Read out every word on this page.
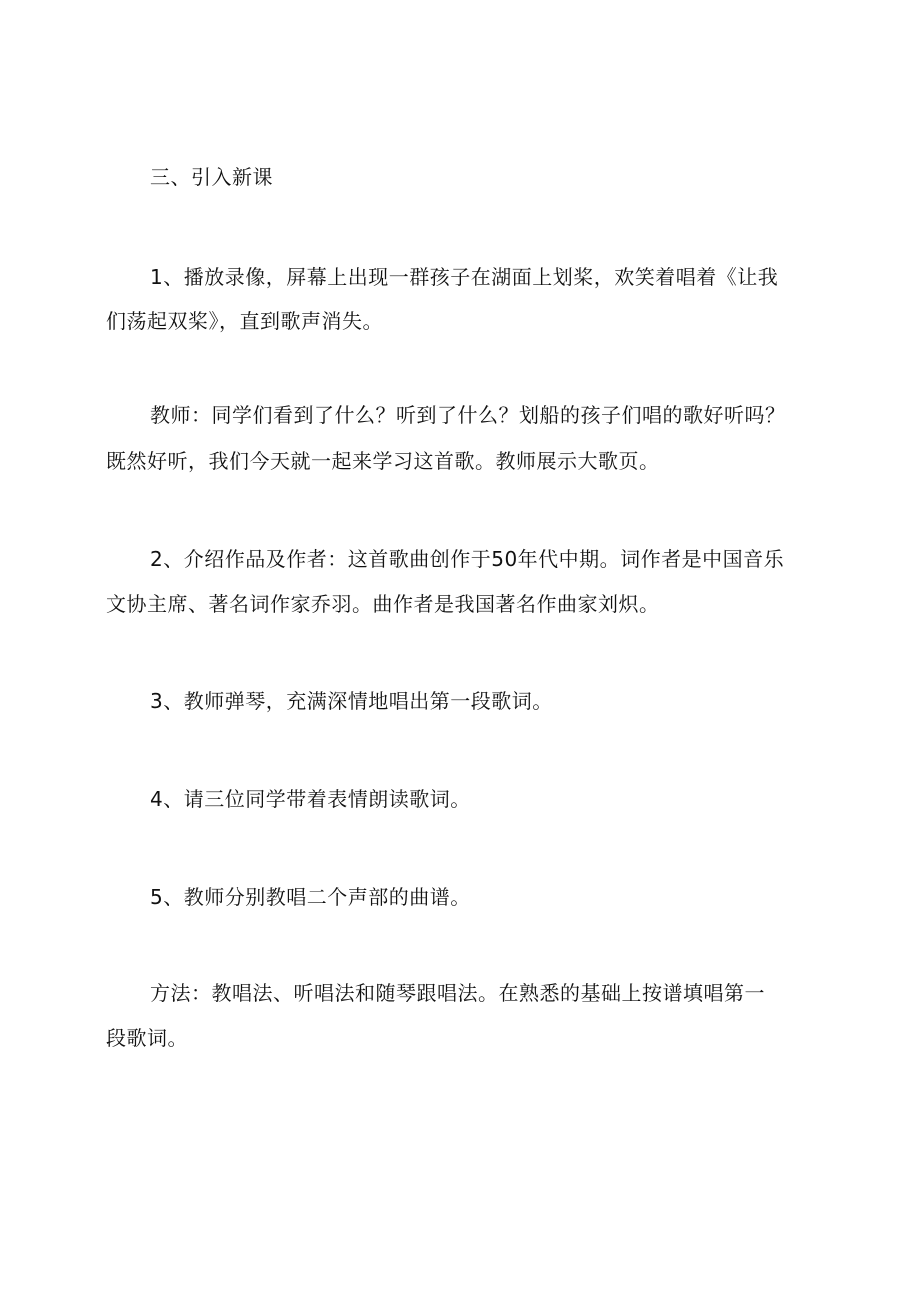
三、引入新课
1、播放录像，屏幕上出现一群孩子在湖面上划桨，欢笑着唱着《让我
们荡起双桨》，直到歌声消失。
教师：同学们看到了什么？听到了什么？划船的孩子们唱的歌好听吗？
既然好听，我们今天就一起来学习这首歌。教师展示大歌页。
2、介绍作品及作者：这首歌曲创作于50年代中期。词作者是中国音乐
文协主席、著名词作家乔羽。曲作者是我国著名作曲家刘炽。
3、教师弹琴，充满深情地唱出第一段歌词。
4、请三位同学带着表情朗读歌词。
5、教师分别教唱二个声部的曲谱。
方法：教唱法、听唱法和随琴跟唱法。在熟悉的基础上按谱填唱第一
段歌词。
